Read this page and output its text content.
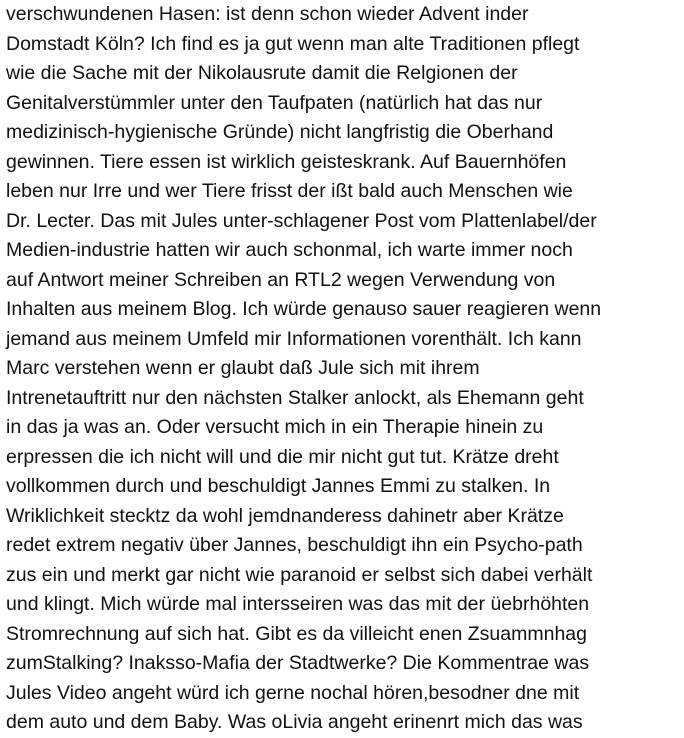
verschwundenen Hasen: ist denn schon wieder Advent inder
Domstadt Köln? Ich find es ja gut wenn man alte Traditionen pflegt
wie die Sache mit der Nikolausrute damit die Relgionen der
Genitalverstümmler unter den Taufpaten (natürlich hat das nur
medizinisch-hygienische Gründe) nicht langfristig die Oberhand
gewinnen. Tiere essen ist wirklich geisteskrank. Auf Bauernhöfen
leben nur Irre und wer Tiere frisst der ißt bald auch Menschen wie
Dr. Lecter. Das mit Jules unter-schlagener Post vom Plattenlabel/der
Medien-industrie hatten wir auch schonmal, ich warte immer noch
auf Antwort meiner Schreiben an RTL2 wegen Verwendung von
Inhalten aus meinem Blog. Ich würde genauso sauer reagieren wenn
jemand aus meinem Umfeld mir Informationen vorenthält. Ich kann
Marc verstehen wenn er glaubt daß Jule sich mit ihrem
Intrenetauftritt nur den nächsten Stalker anlockt, als Ehemann geht
in das ja was an. Oder versucht mich in ein Therapie hinein zu
erpressen die ich nicht will und die mir nicht gut tut. Krätze dreht
vollkommen durch und beschuldigt Jannes Emmi zu stalken. In
Wriklichkeit stecktz da wohl jemdnanderess dahinetr aber Krätze
redet extrem negativ über Jannes, beschuldigt ihn ein Psycho-path
zus ein und merkt gar nicht wie paranoid er selbst sich dabei verhält
und klingt. Mich würde mal intersseiren was das mit der üebrhöhten
Stromrechnung auf sich hat. Gibt es da villeicht enen Zsuammnhag
zumStalking? Inaksso-Mafia der Stadtwerke? Die Kommentrae was
Jules Video angeht würd ich gerne nochal hören,besodner dne mit
dem auto und dem Baby. Was oLivia angeht erinenrt mich das was
